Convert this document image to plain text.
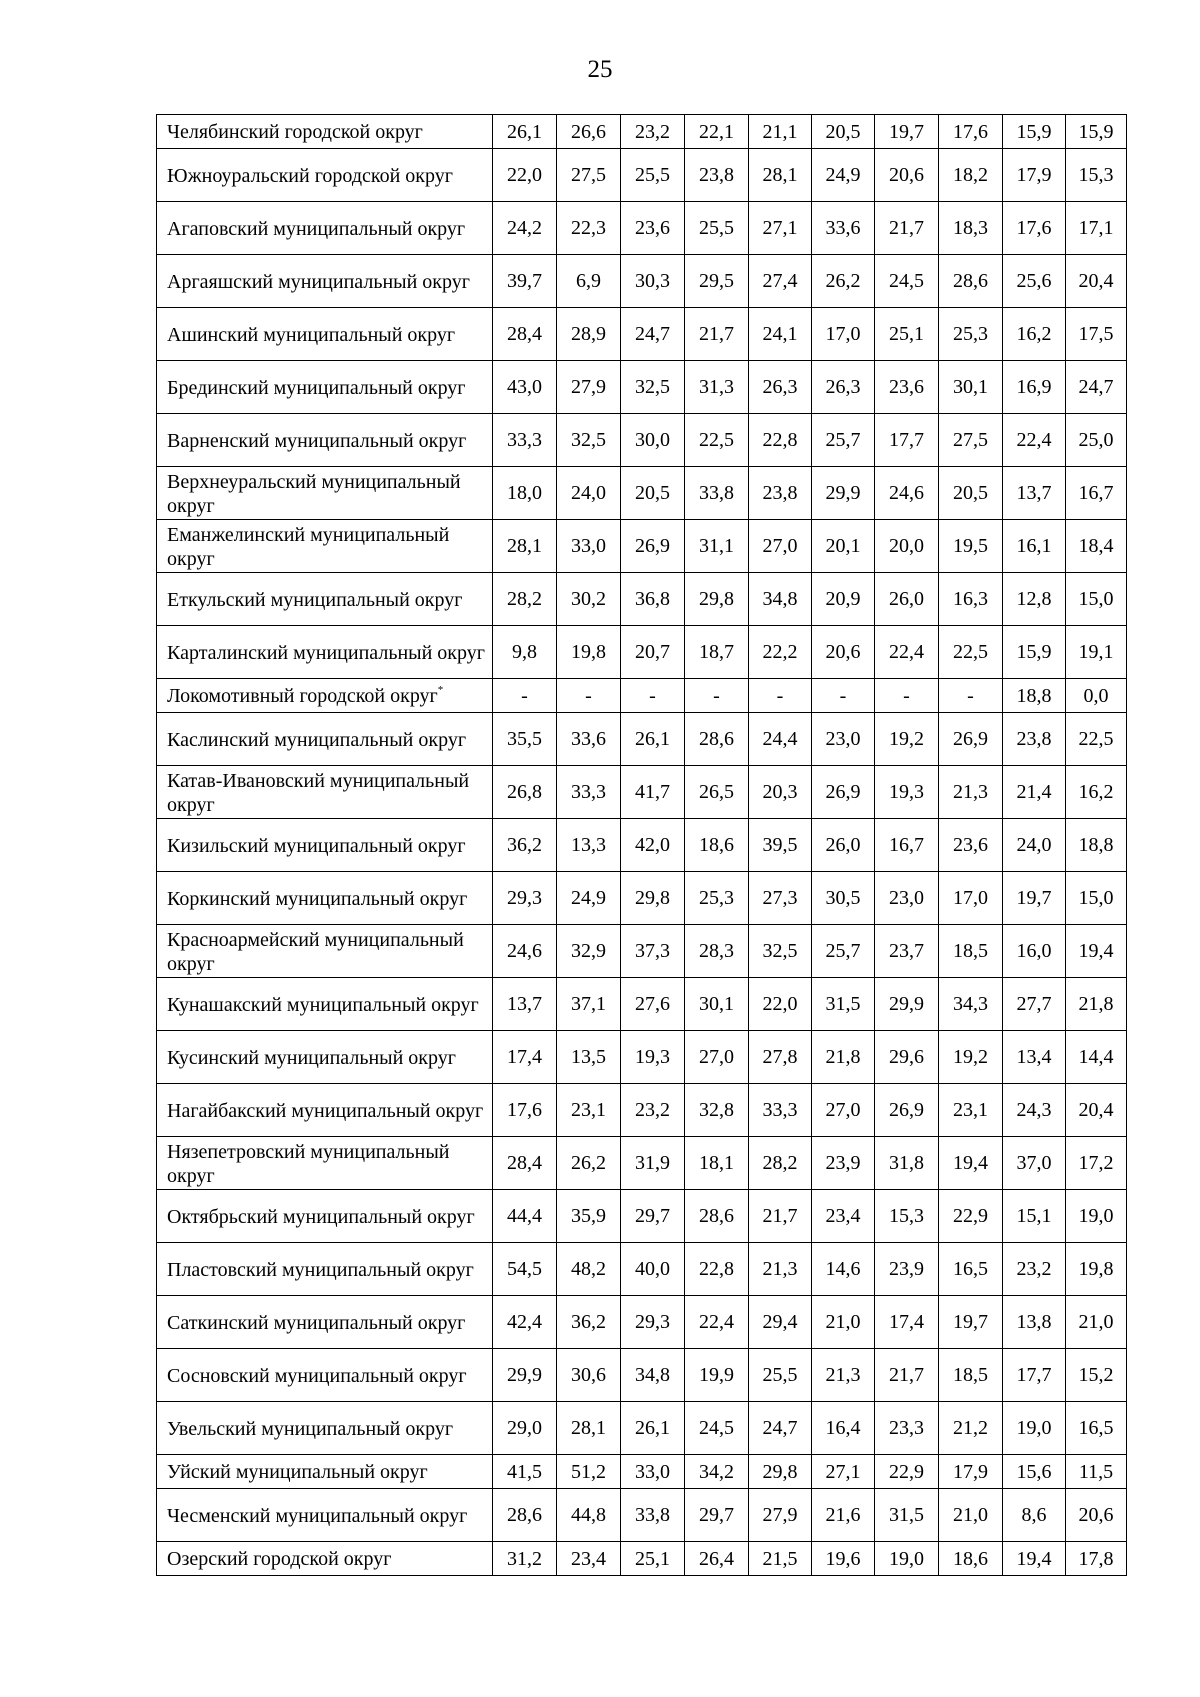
25
Челябинский городской округ	26,1	26,6	23,2	22,1	21,1	20,5	19,7	17,6	15,9	15,9
Южноуральский городской округ	22,0	27,5	25,5	23,8	28,1	24,9	20,6	18,2	17,9	15,3
Агаповский муниципальный округ	24,2	22,3	23,6	25,5	27,1	33,6	21,7	18,3	17,6	17,1
Аргаяшский муниципальный округ	39,7	6,9	30,3	29,5	27,4	26,2	24,5	28,6	25,6	20,4
Ашинский муниципальный округ	28,4	28,9	24,7	21,7	24,1	17,0	25,1	25,3	16,2	17,5
Брединский муниципальный округ	43,0	27,9	32,5	31,3	26,3	26,3	23,6	30,1	16,9	24,7
Варненский муниципальный округ	33,3	32,5	30,0	22,5	22,8	25,7	17,7	27,5	22,4	25,0
Верхнеуральский муниципальный округ	18,0	24,0	20,5	33,8	23,8	29,9	24,6	20,5	13,7	16,7
Еманжелинский муниципальный округ	28,1	33,0	26,9	31,1	27,0	20,1	20,0	19,5	16,1	18,4
Еткульский муниципальный округ	28,2	30,2	36,8	29,8	34,8	20,9	26,0	16,3	12,8	15,0
Карталинский муниципальный округ	9,8	19,8	20,7	18,7	22,2	20,6	22,4	22,5	15,9	19,1
Локомотивный городской округ*	-	-	-	-	-	-	-	-	18,8	0,0
Каслинский муниципальный округ	35,5	33,6	26,1	28,6	24,4	23,0	19,2	26,9	23,8	22,5
Катав-Ивановский муниципальный округ	26,8	33,3	41,7	26,5	20,3	26,9	19,3	21,3	21,4	16,2
Кизильский муниципальный округ	36,2	13,3	42,0	18,6	39,5	26,0	16,7	23,6	24,0	18,8
Коркинский муниципальный округ	29,3	24,9	29,8	25,3	27,3	30,5	23,0	17,0	19,7	15,0
Красноармейский муниципальный округ	24,6	32,9	37,3	28,3	32,5	25,7	23,7	18,5	16,0	19,4
Кунашакский муниципальный округ	13,7	37,1	27,6	30,1	22,0	31,5	29,9	34,3	27,7	21,8
Кусинский муниципальный округ	17,4	13,5	19,3	27,0	27,8	21,8	29,6	19,2	13,4	14,4
Нагайбакский муниципальный округ	17,6	23,1	23,2	32,8	33,3	27,0	26,9	23,1	24,3	20,4
Нязепетровский муниципальный округ	28,4	26,2	31,9	18,1	28,2	23,9	31,8	19,4	37,0	17,2
Октябрьский муниципальный округ	44,4	35,9	29,7	28,6	21,7	23,4	15,3	22,9	15,1	19,0
Пластовский муниципальный округ	54,5	48,2	40,0	22,8	21,3	14,6	23,9	16,5	23,2	19,8
Саткинский муниципальный округ	42,4	36,2	29,3	22,4	29,4	21,0	17,4	19,7	13,8	21,0
Сосновский муниципальный округ	29,9	30,6	34,8	19,9	25,5	21,3	21,7	18,5	17,7	15,2
Увельский муниципальный округ	29,0	28,1	26,1	24,5	24,7	16,4	23,3	21,2	19,0	16,5
Уйский муниципальный округ	41,5	51,2	33,0	34,2	29,8	27,1	22,9	17,9	15,6	11,5
Чесменский муниципальный округ	28,6	44,8	33,8	29,7	27,9	21,6	31,5	21,0	8,6	20,6
Озерский городской округ	31,2	23,4	25,1	26,4	21,5	19,6	19,0	18,6	19,4	17,8
